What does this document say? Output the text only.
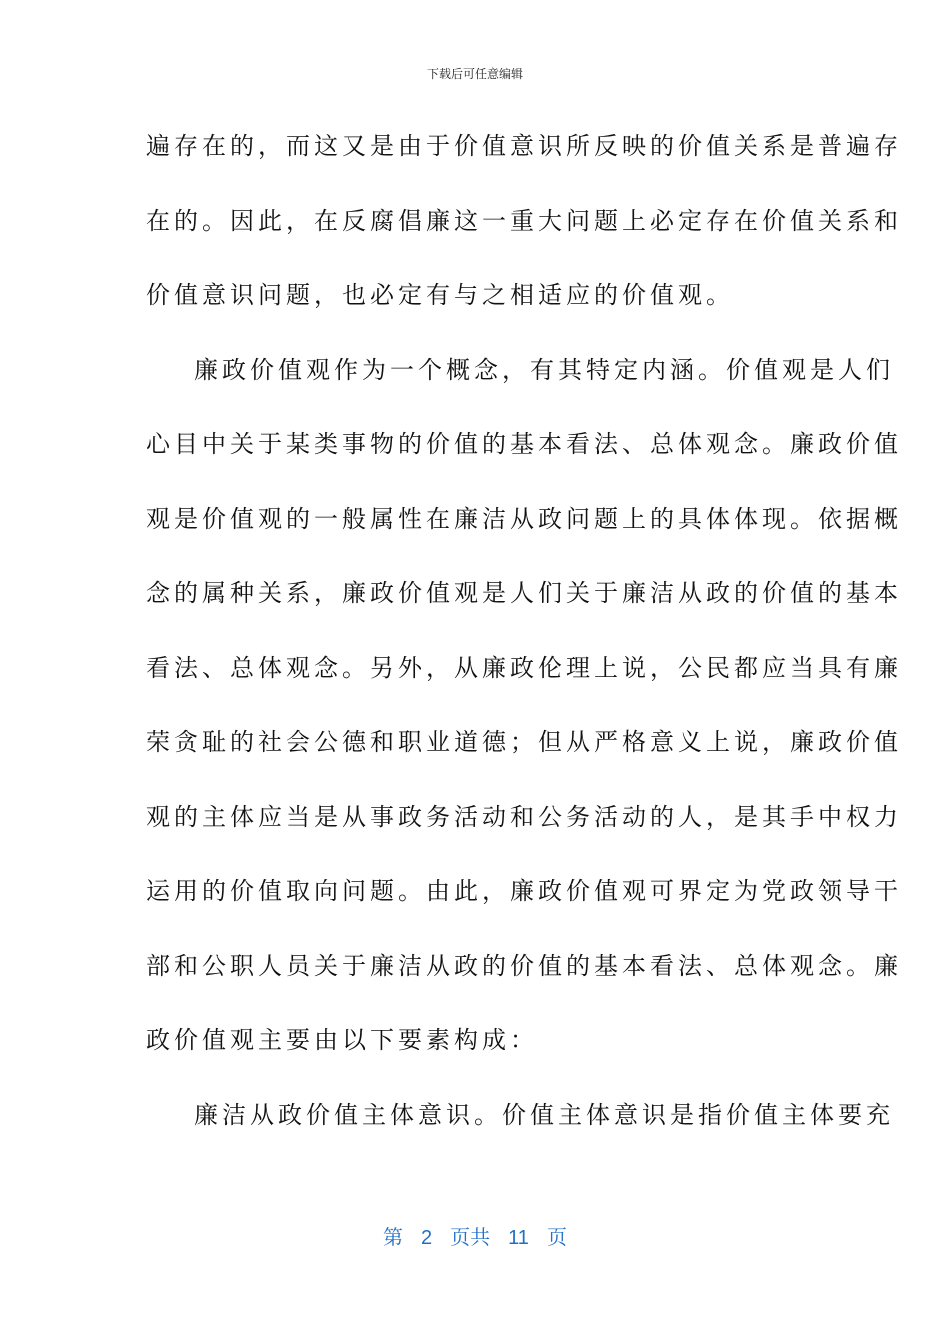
下载后可任意编辑
遍存在的，而这又是由于价值意识所反映的价值关系是普遍存
在的。因此，在反腐倡廉这一重大问题上必定存在价值关系和
价值意识问题，也必定有与之相适应的价值观。
廉政价值观作为一个概念，有其特定内涵。价值观是人们
心目中关于某类事物的价值的基本看法、总体观念。廉政价值
观是价值观的一般属性在廉洁从政问题上的具体体现。依据概
念的属种关系，廉政价值观是人们关于廉洁从政的价值的基本
看法、总体观念。另外，从廉政伦理上说，公民都应当具有廉
荣贪耻的社会公德和职业道德；但从严格意义上说，廉政价值
观的主体应当是从事政务活动和公务活动的人，是其手中权力
运用的价值取向问题。由此，廉政价值观可界定为党政领导干
部和公职人员关于廉洁从政的价值的基本看法、总体观念。廉
政价值观主要由以下要素构成：
廉洁从政价值主体意识。价值主体意识是指价值主体要充
第 2 页共 11 页
